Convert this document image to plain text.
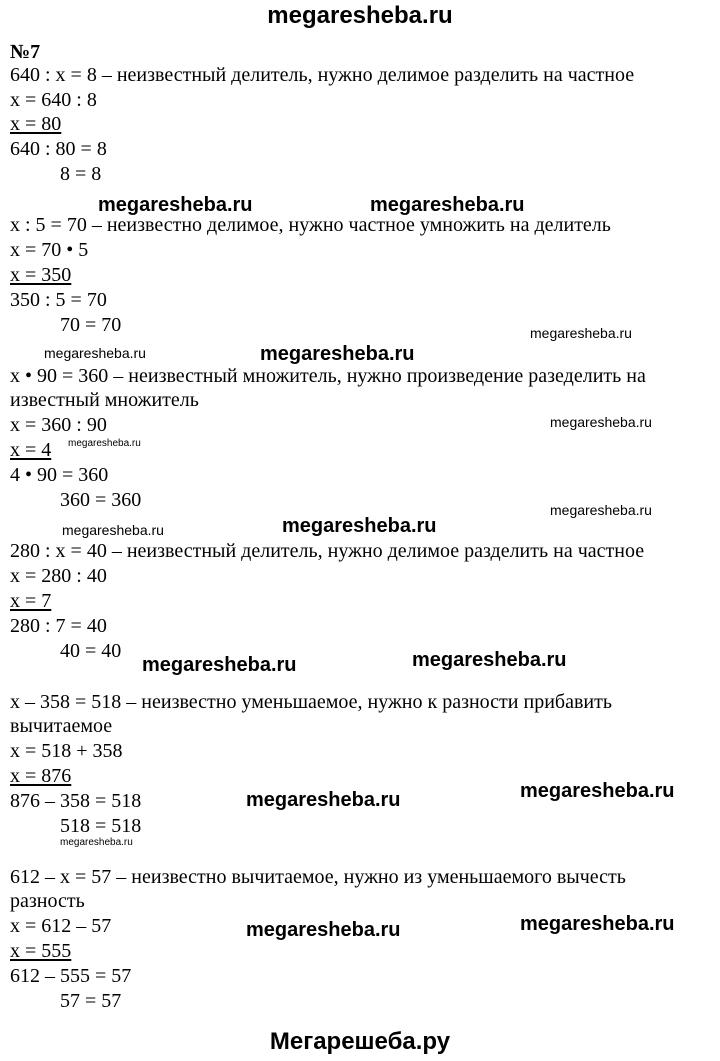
megaresheba.ru
№7
640 : x = 8 – неизвестный делитель, нужно делимое разделить на частное
x = 640 : 8
x = 80
640 : 80 = 8
8 = 8
x : 5 = 70 – неизвестно делимое, нужно частное умножить на делитель
x = 70 • 5
x = 350
350 : 5 = 70
70 = 70
x • 90 = 360 – неизвестный множитель, нужно произведение разеделить на
известный множитель
x = 360 : 90
x = 4
4 • 90 = 360
360 = 360
280 : x = 40 – неизвестный делитель, нужно делимое разделить на частное
x = 280 : 40
x = 7
280 : 7 = 40
40 = 40
x – 358 = 518 – неизвестно уменьшаемое, нужно к разности прибавить
вычитаемое
x = 518 + 358
x = 876
876 – 358 = 518
518 = 518
612 – x = 57 – неизвестно вычитаемое, нужно из уменьшаемого вычесть
разность
x = 612 – 57
x = 555
612 – 555 = 57
57 = 57
megaresheba.ru	megaresheba.ru
megaresheba.ru
megaresheba.ru	megaresheba.ru
megaresheba.ru
megaresheba.ru
megaresheba.ru
megaresheba.ru	megaresheba.ru
megaresheba.ru	megaresheba.ru
megaresheba.ru
megaresheba.ru
megaresheba.ru
megaresheba.ru
megaresheba.ru
Мегарешеба.ру
